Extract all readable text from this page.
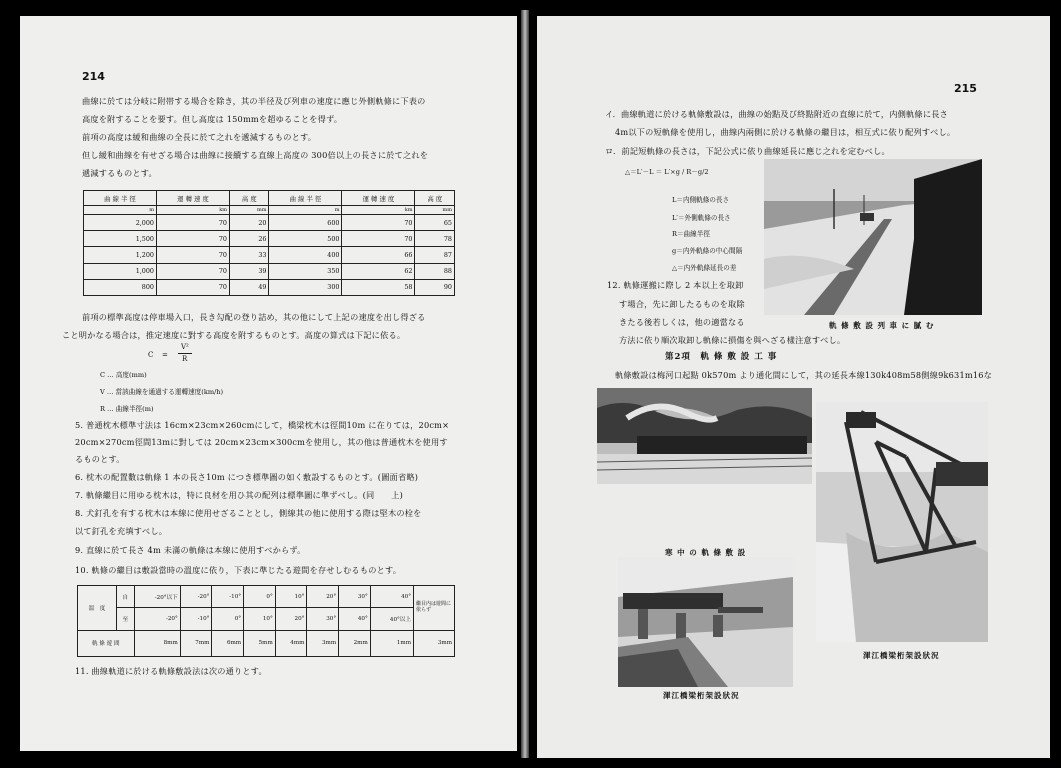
214
曲線に於ては分岐に附帯する場合を除き，其の半径及び列車の速度に應じ外側軌條に下表の
高度を附することを要す。但し高度は 150mmを超ゆることを得ず。
前項の高度は緩和曲線の全長に於て之れを遞減するものとす。
但し緩和曲線を有せざる場合は曲線に接續する直線上高度の 300倍以上の長さに於て之れを
遞減するものとす。
曲 線 半 徑	運 轉 速 度	高 度	曲 線 半 徑	運 轉 速 度	高 度
m	km	mm	m	km	mm
2,000	70	20	600	70	65
1,500	70	26	500	70	78
1,200	70	33	400	66	87
1,000	70	39	350	62	88
800	70	49	300	58	90
前項の標準高度は停車場入口，長き勾配の登り詰め，其の他にして上記の速度を出し得ざる
こと明かなる場合は，推定速度に對する高度を附するものとす。高度の算式は下記に依る。
C =
V²
R
C … 高度(mm)
V … 當該曲線を通過する運轉速度(km/h)
R … 曲線半徑(m)
5. 普通枕木標準寸法は 16cm×23cm×260cmにして，橋梁枕木は徑間10m に在りては，20cm×
20cm×270cm徑間13mに對しては 20cm×23cm×300cmを使用し，其の他は普通枕木を使用す
るものとす。
6. 枕木の配置數は軌條 1 本の長さ10m につき標準圖の如く敷設するものとす。(圖面省略)
7. 軌條繼目に用ゆる枕木は，特に良材を用ひ其の配列は標準圖に準ずべし。(同　　上)
8. 犬釘孔を有する枕木は本線に使用せざることとし，側線其の他に使用する際は堅木の栓を
以て釘孔を充填すべし。
9. 直線に於て長さ 4m 未滿の軌條は本線に使用すべからず。
10. 軌條の繼目は敷設當時の溫度に依り，下表に準じたる遊間を存せしむるものとす。
溫　度	自	-20°以下	-20°	-10°	0°	10°	20°	30°	40°	繼目内は遊間に依らず
	至	-20°	-10°	0°	10°	20°	30°	40°	40°以上	
軌 條 遊 間		8mm	7mm	6mm	5mm	4mm	3mm	2mm	1mm	3mm
11. 曲線軌道に於ける軌條敷設法は次の通りとす。
215
イ．曲線軌道に於ける軌條敷設は，曲線の始點及び終點附近の直線に於て，内側軌條に長さ
4m以下の短軌條を使用し，曲線内兩側に於ける軌條の繼目は，相互式に依り配列すべし。
ロ．前記短軌條の長さは，下記公式に依り曲線延長に應じ之れを定むべし。
△＝L′－L ＝ L′×g / R－g/2
L＝内側軌條の長さ
L′＝外側軌條の長さ
R＝曲線半徑
g＝内外軌條の中心間隔
△＝内外軌條延長の差
12. 軌條運搬に際し 2 本以上を取卸
す場合，先に卸したるものを取除
きたる後若しくは，他の適當なる
方法に依り順次取卸し軌條に損傷を與へざる樣注意すべし。
軌 條 敷 設 列 車 に 膩 む
第2項　軌 條 敷 設 工 事
軌條敷設は梅河口起點 0k570m より通化間にして，其の延長本線130k408m58側線9k631m16な
寒 中 の 軌 條 敷 設
渾江橋梁桁架設狀況
渾江橋梁桁架設狀況
